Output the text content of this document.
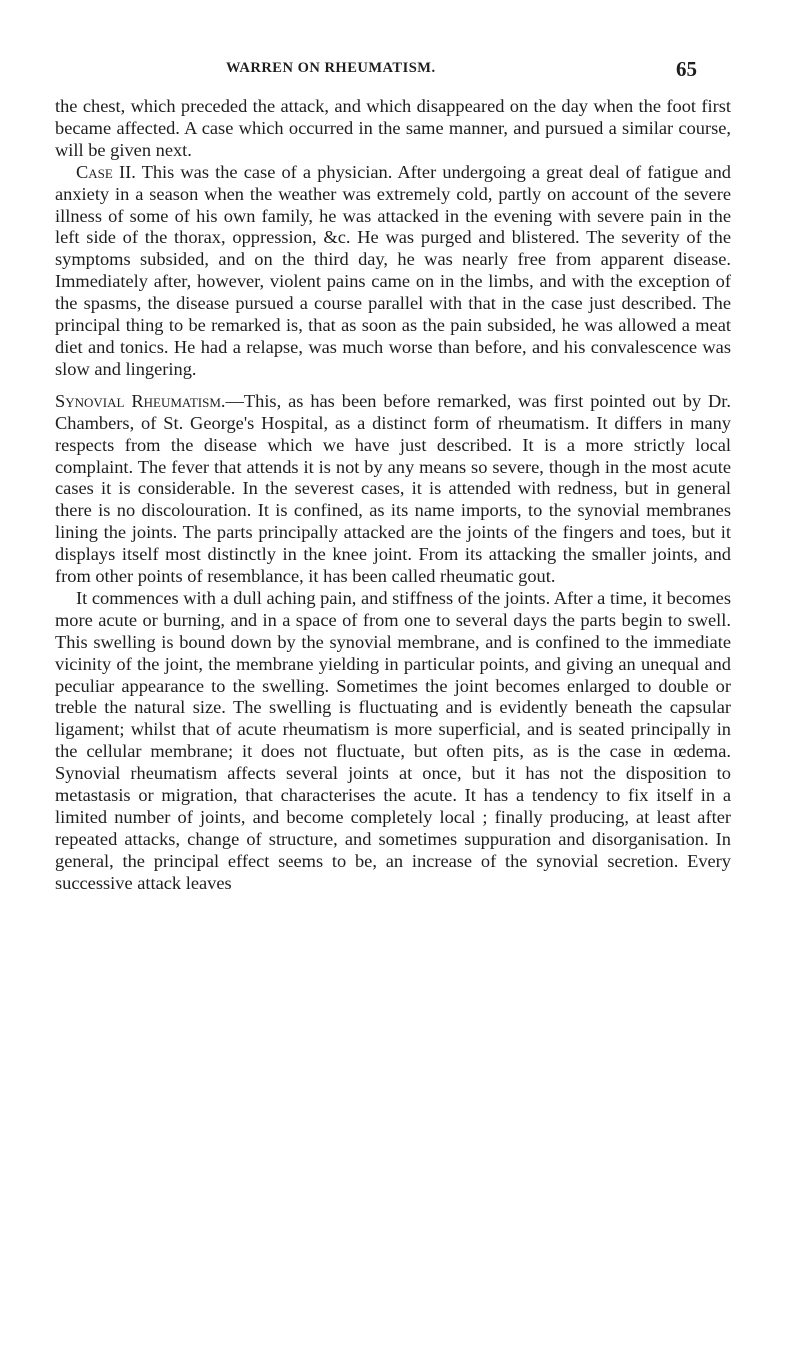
WARREN ON RHEUMATISM.	65

the chest, which preceded the attack, and which disappeared on the day when the foot first became affected. A case which occurred in the same manner, and pursued a similar course, will be given next.

Case II. This was the case of a physician. After undergoing a great deal of fatigue and anxiety in a season when the weather was extremely cold, partly on account of the severe illness of some of his own family, he was attacked in the evening with severe pain in the left side of the thorax, oppression, &c. He was purged and blistered. The severity of the symptoms subsided, and on the third day, he was nearly free from apparent disease. Immediately after, however, violent pains came on in the limbs, and with the exception of the spasms, the disease pursued a course parallel with that in the case just described. The principal thing to be remarked is, that as soon as the pain subsided, he was allowed a meat diet and tonics. He had a relapse, was much worse than before, and his convalescence was slow and lingering.

Synovial Rheumatism.—This, as has been before remarked, was first pointed out by Dr. Chambers, of St. George's Hospital, as a distinct form of rheumatism. It differs in many respects from the disease which we have just described. It is a more strictly local complaint. The fever that attends it is not by any means so severe, though in the most acute cases it is considerable. In the severest cases, it is attended with redness, but in general there is no discolouration. It is confined, as its name imports, to the synovial membranes lining the joints. The parts principally attacked are the joints of the fingers and toes, but it displays itself most distinctly in the knee joint. From its attacking the smaller joints, and from other points of resemblance, it has been called rheumatic gout.

It commences with a dull aching pain, and stiffness of the joints. After a time, it becomes more acute or burning, and in a space of from one to several days the parts begin to swell. This swelling is bound down by the synovial membrane, and is confined to the immediate vicinity of the joint, the membrane yielding in particular points, and giving an unequal and peculiar appearance to the swelling. Sometimes the joint becomes enlarged to double or treble the natural size. The swelling is fluctuating and is evidently beneath the capsular ligament; whilst that of acute rheumatism is more superficial, and is seated principally in the cellular membrane; it does not fluctuate, but often pits, as is the case in œdema. Synovial rheumatism affects several joints at once, but it has not the disposition to metastasis or migration, that characterises the acute. It has a tendency to fix itself in a limited number of joints, and become completely local ; finally producing, at least after repeated attacks, change of structure, and sometimes suppuration and disorganisation. In general, the principal effect seems to be, an increase of the synovial secretion. Every successive attack leaves
